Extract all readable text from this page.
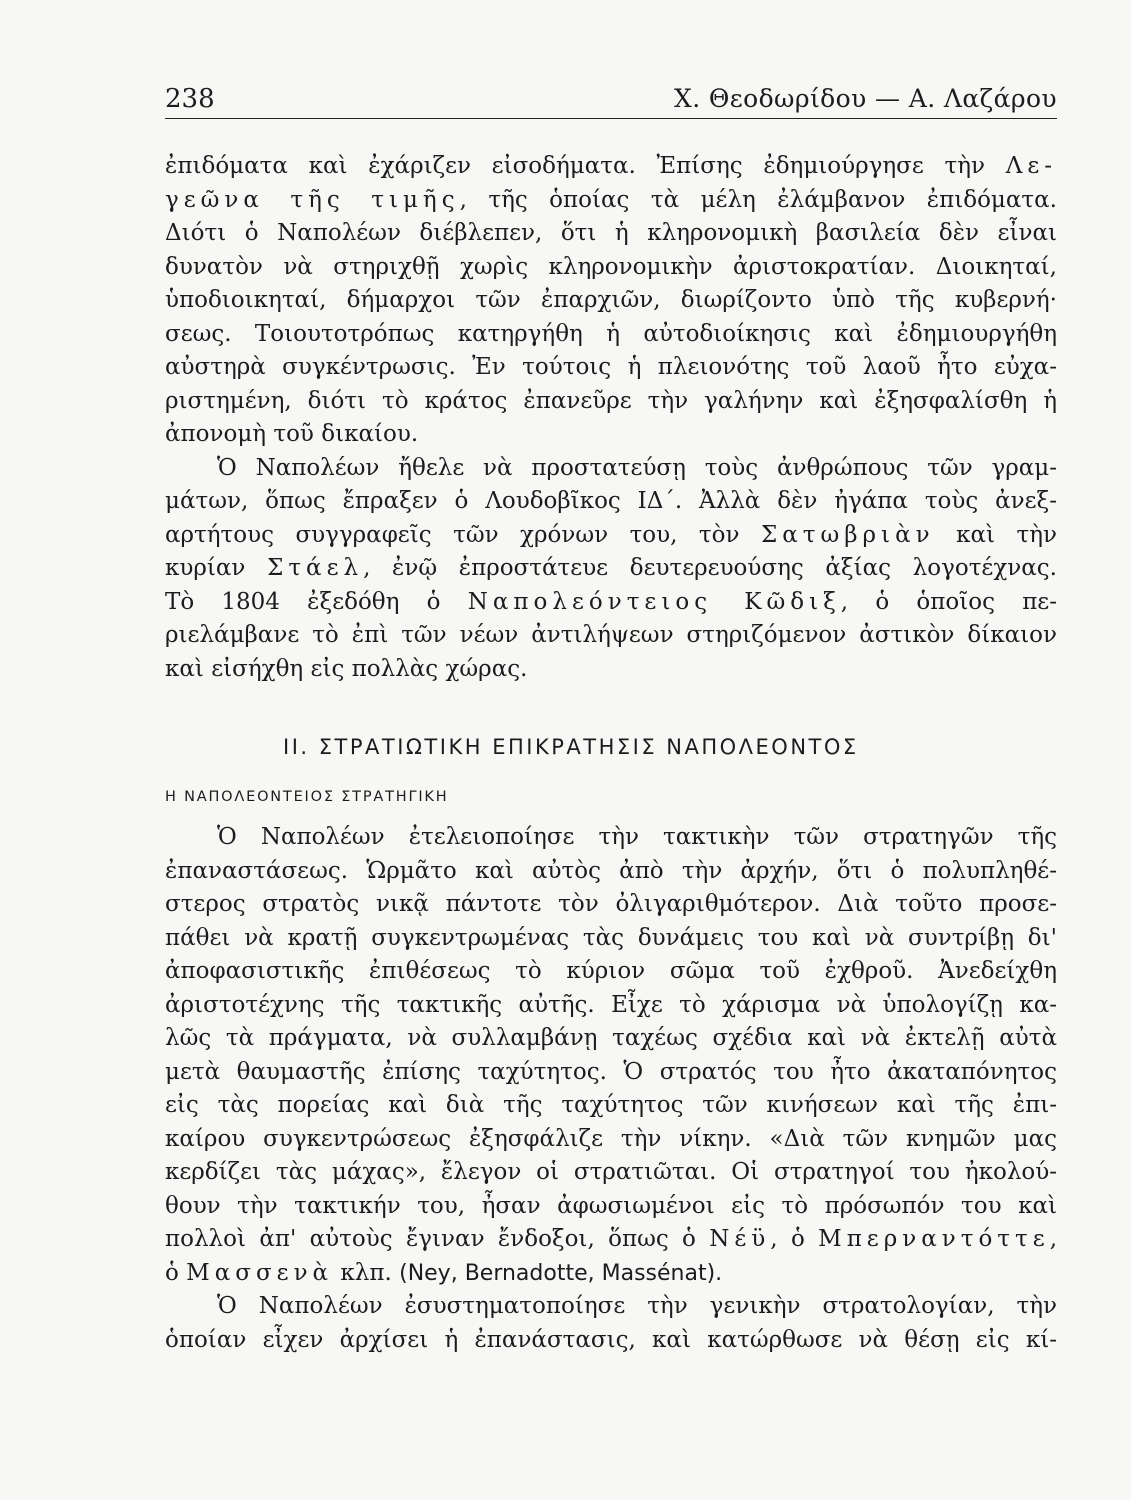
238	Χ. Θεοδωρίδου — Α. Λαζάρου
ἐπιδόματα καὶ ἐχάριζεν εἰσοδήματα. Ἐπίσης ἐδημιούργησε τὴν Λε-
γεῶνα τῆς τιμῆς, τῆς ὁποίας τὰ μέλη ἐλάμβανον ἐπιδόματα.
Διότι ὁ Ναπολέων διέβλεπεν, ὅτι ἡ κληρονομικὴ βασιλεία δὲν εἶναι
δυνατὸν νὰ στηριχθῇ χωρὶς κληρονομικὴν ἀριστοκρατίαν. Διοικηταί,
ὑποδιοικηταί, δήμαρχοι τῶν ἐπαρχιῶν, διωρίζοντο ὑπὸ τῆς κυβερνή·
σεως. Τοιουτοτρόπως κατηργήθη ἡ αὐτοδιοίκησις καὶ ἐδημιουργήθη
αὐστηρὰ συγκέντρωσις. Ἐν τούτοις ἡ πλειονότης τοῦ λαοῦ ἦτο εὐχα-
ριστημένη, διότι τὸ κράτος ἐπανεῦρε τὴν γαλήνην καὶ ἐξησφαλίσθη ἡ
ἀπονομὴ τοῦ δικαίου.
Ὁ Ναπολέων ἤθελε νὰ προστατεύσῃ τοὺς ἀνθρώπους τῶν γραμ-
μάτων, ὅπως ἔπραξεν ὁ Λουδοβῖκος ΙΔ΄. Ἀλλὰ δὲν ἠγάπα τοὺς ἀνεξ-
αρτήτους συγγραφεῖς τῶν χρόνων του, τὸν Σατωβριὰν καὶ τὴν
κυρίαν Στάελ, ἐνῷ ἐπροστάτευε δευτερευούσης ἀξίας λογοτέχνας.
Τὸ 1804 ἐξεδόθη ὁ Ναπολεόντειος Κῶδιξ, ὁ ὁποῖος πε-
ριελάμβανε τὸ ἐπὶ τῶν νέων ἀντιλήψεων στηριζόμενον ἀστικὸν δίκαιον
καὶ εἰσήχθη εἰς πολλὰς χώρας.
II. ΣΤΡΑΤΙΩΤΙΚΗ ΕΠΙΚΡΑΤΗΣΙΣ ΝΑΠΟΛΕΟΝΤΟΣ
Η ΝΑΠΟΛΕΟΝΤΕΙΟΣ ΣΤΡΑΤΗΓΙΚΗ
Ὁ Ναπολέων ἐτελειοποίησε τὴν τακτικὴν τῶν στρατηγῶν τῆς
ἐπαναστάσεως. Ὡρμᾶτο καὶ αὐτὸς ἀπὸ τὴν ἀρχήν, ὅτι ὁ πολυπληθέ-
στερος στρατὸς νικᾷ πάντοτε τὸν ὀλιγαριθμότερον. Διὰ τοῦτο προσε-
πάθει νὰ κρατῇ συγκεντρωμένας τὰς δυνάμεις του καὶ νὰ συντρίβῃ δι'
ἀποφασιστικῆς ἐπιθέσεως τὸ κύριον σῶμα τοῦ ἐχθροῦ. Ἀνεδείχθη
ἀριστοτέχνης τῆς τακτικῆς αὐτῆς. Εἶχε τὸ χάρισμα νὰ ὑπολογίζῃ κα-
λῶς τὰ πράγματα, νὰ συλλαμβάνῃ ταχέως σχέδια καὶ νὰ ἐκτελῇ αὐτὰ
μετὰ θαυμαστῆς ἐπίσης ταχύτητος. Ὁ στρατός του ἦτο ἀκαταπόνητος
εἰς τὰς πορείας καὶ διὰ τῆς ταχύτητος τῶν κινήσεων καὶ τῆς ἐπι-
καίρου συγκεντρώσεως ἐξησφάλιζε τὴν νίκην. «Διὰ τῶν κνημῶν μας
κερδίζει τὰς μάχας», ἔλεγον οἱ στρατιῶται. Οἱ στρατηγοί του ἠκολού-
θουν τὴν τακτικήν του, ἦσαν ἀφωσιωμένοι εἰς τὸ πρόσωπόν του καὶ
πολλοὶ ἀπ' αὐτοὺς ἔγιναν ἔνδοξοι, ὅπως ὁ Νέϋ, ὁ Μπερναντόττε,
ὁ Μασσενὰ κλπ. (Ney, Bernadotte, Massénat).
Ὁ Ναπολέων ἐσυστηματοποίησε τὴν γενικὴν στρατολογίαν, τὴν
ὁποίαν εἶχεν ἀρχίσει ἡ ἐπανάστασις, καὶ κατώρθωσε νὰ θέσῃ εἰς κί-
